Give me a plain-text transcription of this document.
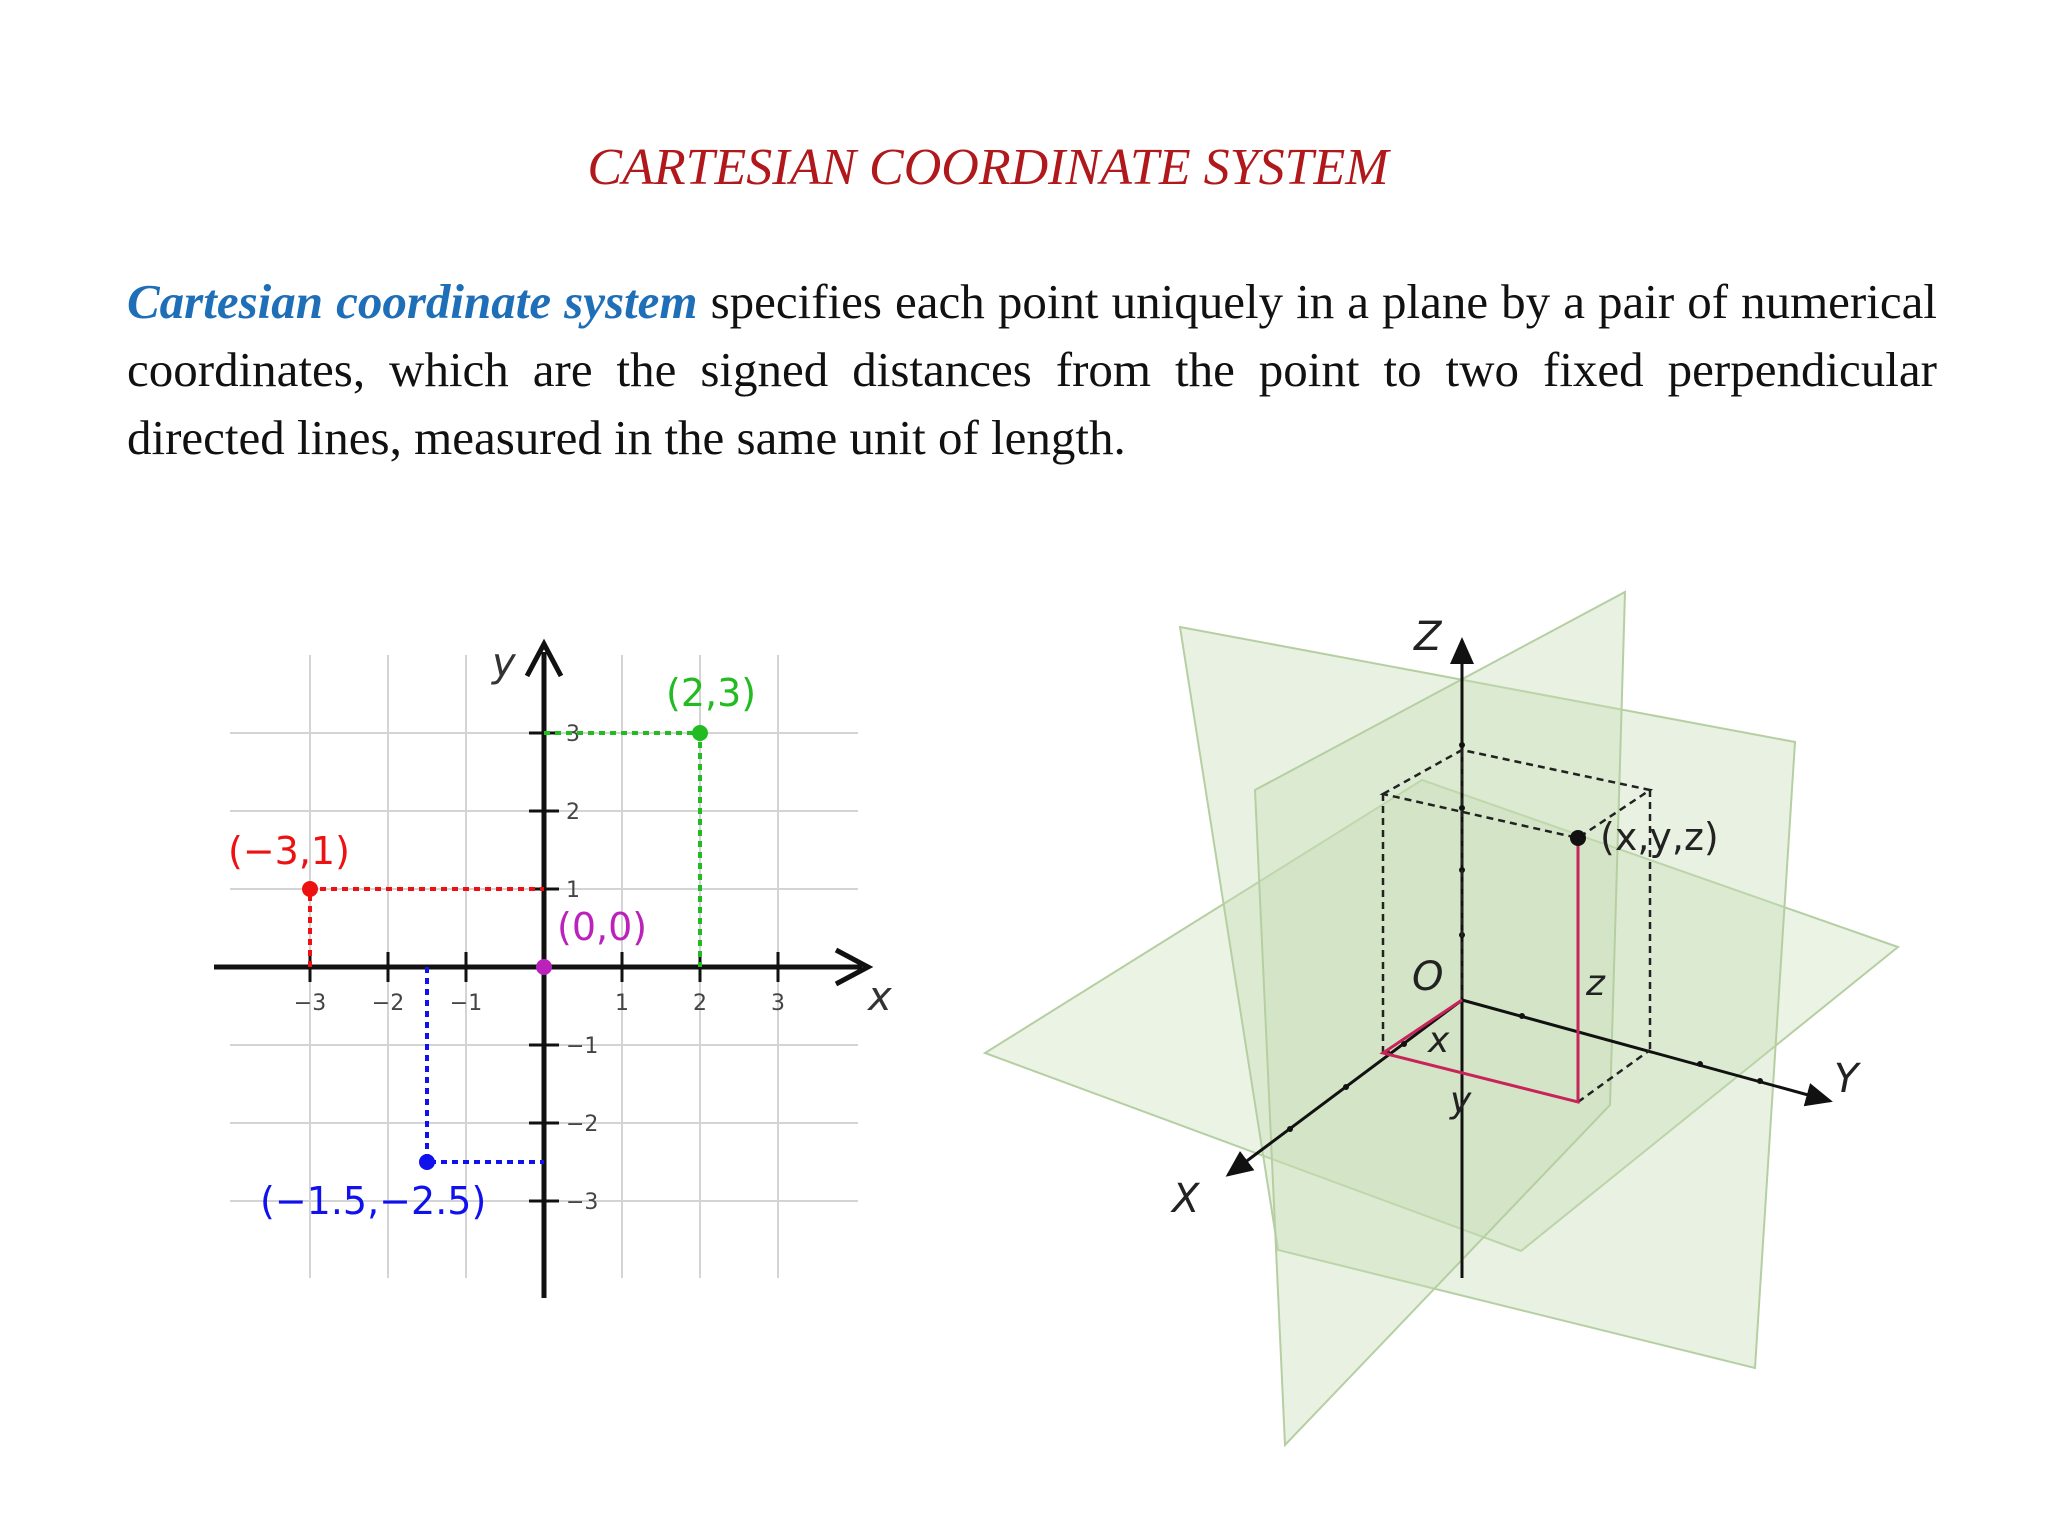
CARTESIAN COORDINATE SYSTEM

Cartesian coordinate system specifies each point uniquely in a plane by a pair of numerical coordinates, which are the signed distances from the point to two fixed perpendicular directed lines, measured in the same unit of length.

−3 −2 −1	1	2	3
3
2
1
−1
−2
−3
x
y
(2,3)
(−3,1)
(0,0)
(−1.5,−2.5)
Z
Y
X
O
(x,y,z)
x
y
z
